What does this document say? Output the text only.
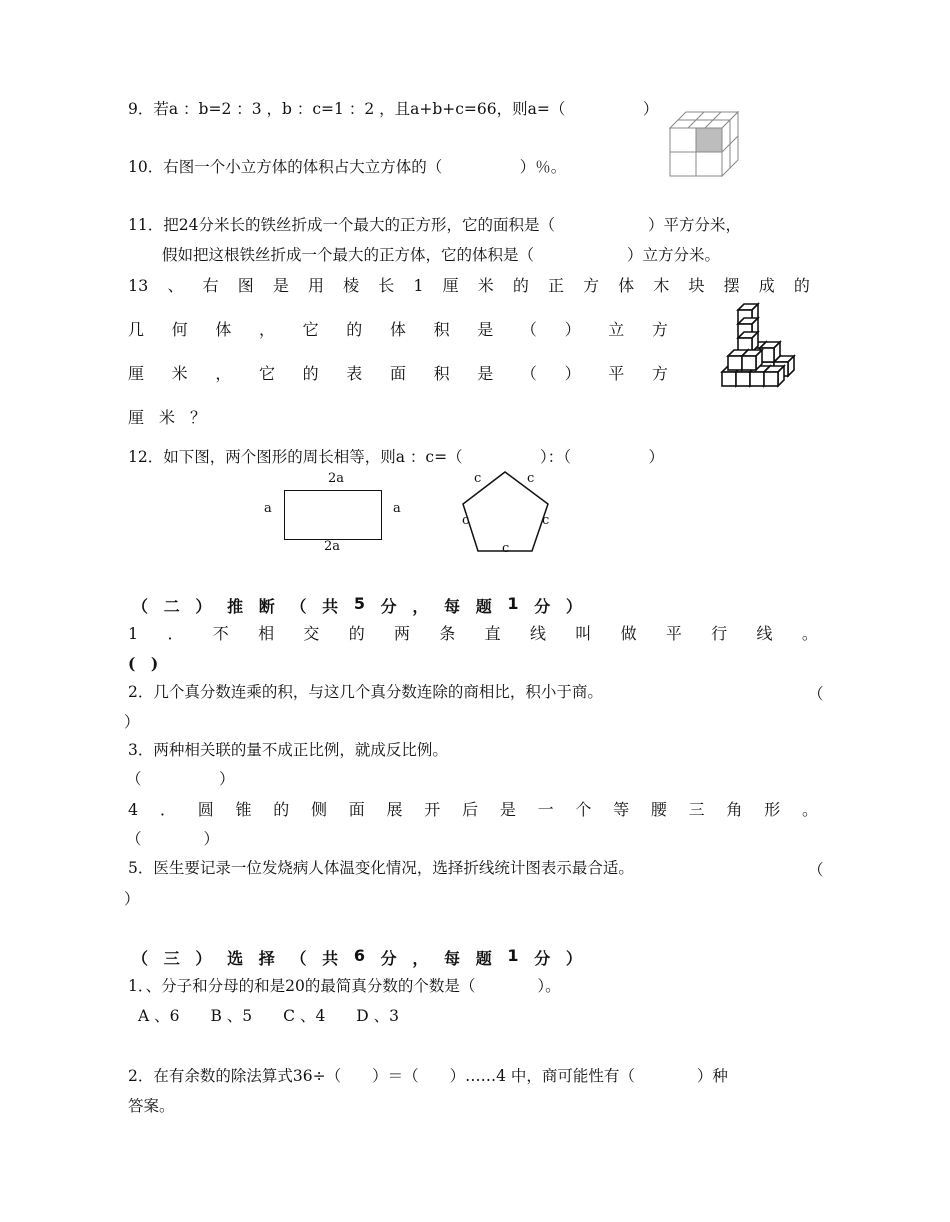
9．若a ：b=2 ：3 ，b ：c=1 ：2 ，且a+b+c=66，则a=（　　　　　）
10．右图一个小立方体的体积占大立方体的（　　　　　）％。
11．把24分米长的铁丝折成一个最大的正方形，它的面积是（　　　　　　）平方分米，
假如把这根铁丝折成一个最大的正方体，它的体积是（　　　　　　）立方分米。
13 、 右 图 是 用 棱 长 1 厘 米 的 正 方 体 木 块 摆 成 的
几 何 体 ， 它 的 体 积 是 （ ） 立 方
厘 米 ， 它 的 表 面 积 是 （ ） 平 方
厘 米 ？
12．如下图，两个图形的周长相等，则a ：c=（　　　　　）：（　　　　　）
2a
2a
a	a
c	c
c	c
c
（ 二 ） 推 断 （ 共 5 分 ， 每 题 1 分 ）
1 ． 不 相 交 的 两 条 直 线 叫 做 平 行 线 。
(　)
2．几个真分数连乘的积，与这几个真分数连除的商相比，积小于商。	（
）
3．两种相关联的量不成正比例，就成反比例。
（　　　　　）
4 ． 圆 锥 的 侧 面 展 开 后 是 一 个 等 腰 三 角 形 。
（　　　　）
5．医生要记录一位发烧病人体温变化情况，选择折线统计图表示最合适。	（
）
（ 三 ） 选 择 （ 共 6 分 ， 每 题 1 分 ）
1．、分子和分母的和是20的最简真分数的个数是（　　　　）。
A 、6　　B 、5　　C 、4　　D 、3
2．在有余数的除法算式36÷（　　）＝（　　）……4 中，商可能性有（　　　　）种
答案。
